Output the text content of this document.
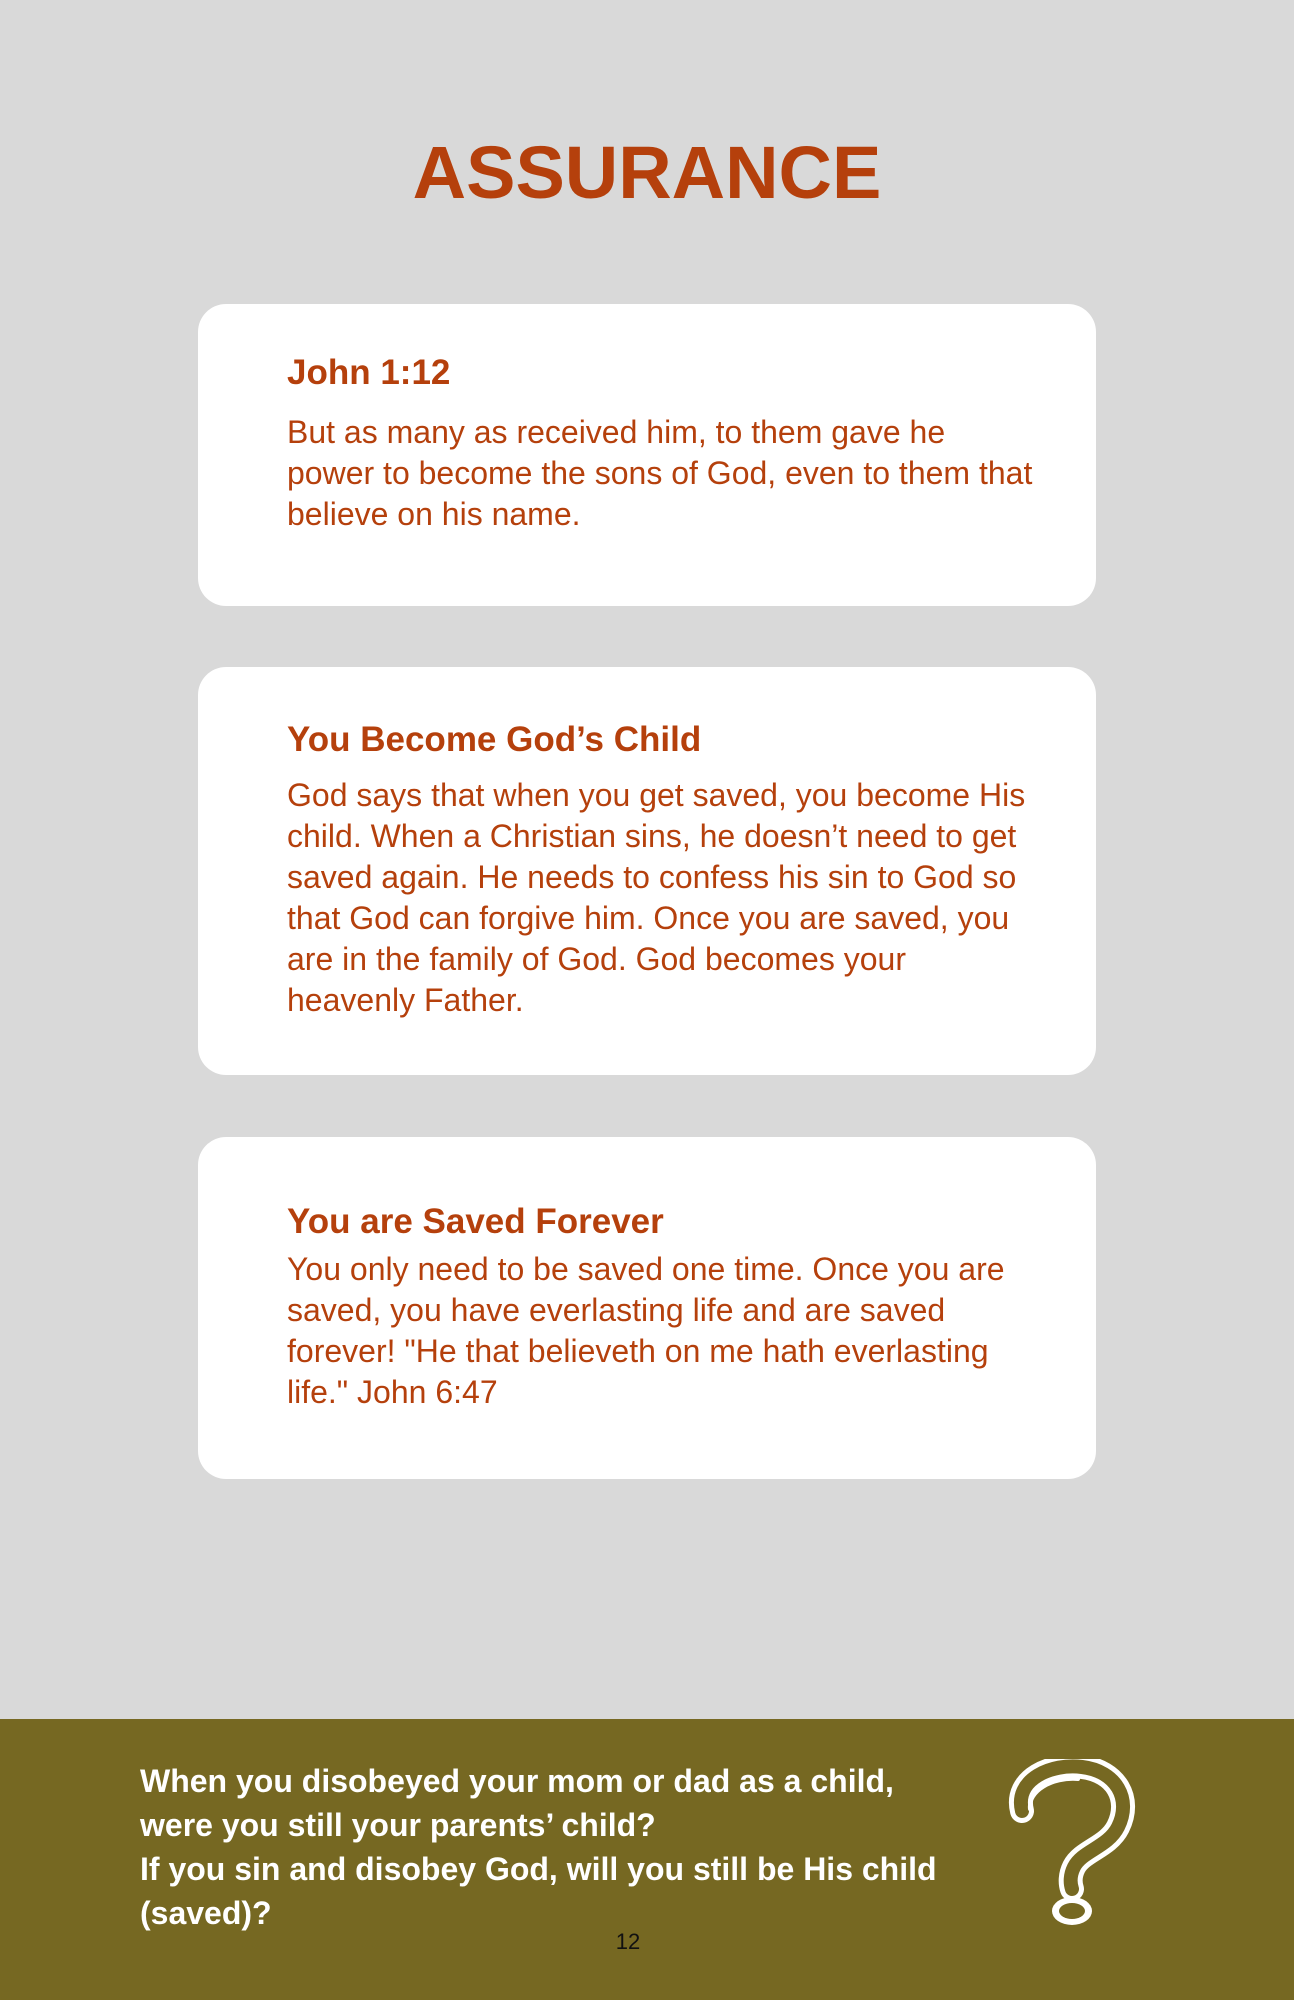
ASSURANCE
John 1:12

But as many as received him, to them gave he power to become the sons of God, even to them that believe on his name.

You Become God’s Child

God says that when you get saved, you become His child. When a Christian sins, he doesn’t need to get saved again. He needs to confess his sin to God so that God can forgive him. Once you are saved, you are in the family of God. God becomes your heavenly Father.

You are Saved Forever

You only need to be saved one time. Once you are saved, you have everlasting life and are saved forever! "He that believeth on me hath everlasting life." John 6:47

When you disobeyed your mom or dad as a child, were you still your parents’ child?
If you sin and disobey God, will you still be His child (saved)?

12
